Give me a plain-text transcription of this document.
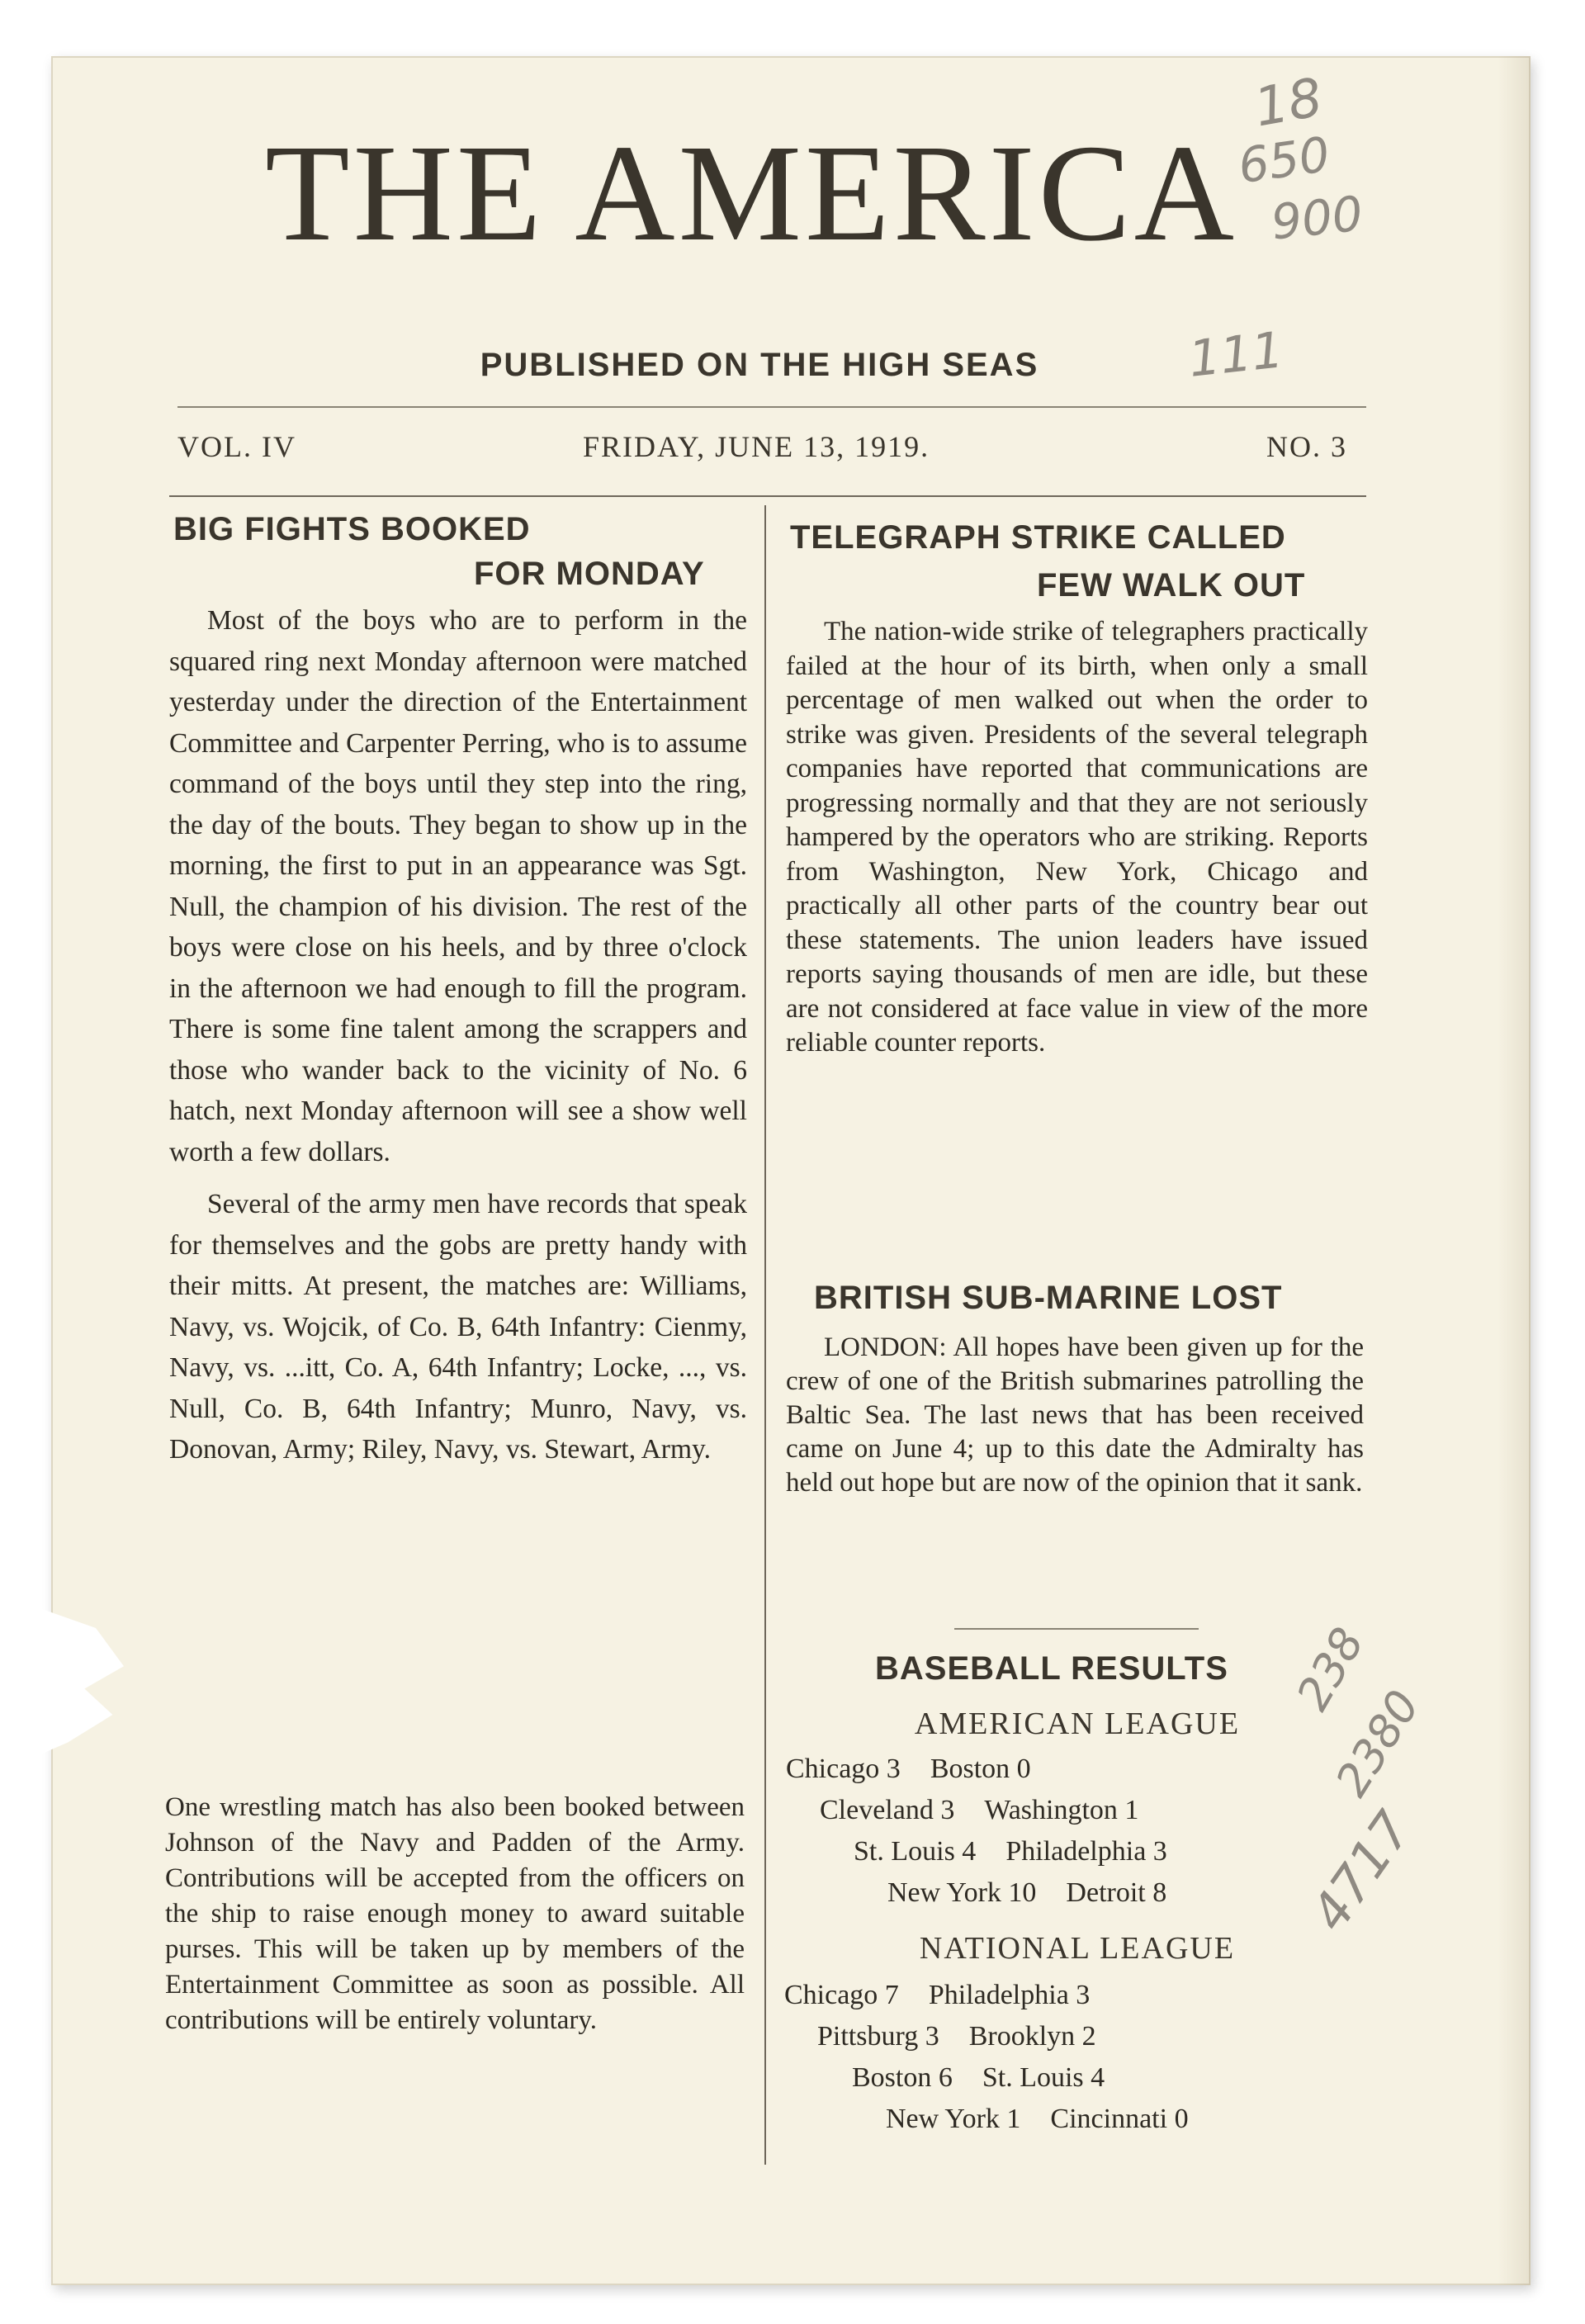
THE AMERICA
PUBLISHED ON THE HIGH SEAS
VOL. IV	FRIDAY, JUNE 13, 1919.	NO. 3
BIG FIGHTS BOOKED
FOR MONDAY

Most of the boys who are to perform in the squared ring next Monday afternoon were matched yesterday under the direction of the Entertainment Committee and Carpenter Perring, who is to assume command of the boys until they step into the ring, the day of the bouts. They began to show up in the morning, the first to put in an appearance was Sgt. Null, the champion of his division. The rest of the boys were close on his heels, and by three o'clock in the afternoon we had enough to fill the program. There is some fine talent among the scrappers and those who wander back to the vicinity of No. 6 hatch, next Monday afternoon will see a show well worth a few dollars.

Several of the army men have records that speak for themselves and the gobs are pretty handy with their mitts. At present, the matches are: Williams, Navy, vs. Wojcik, of Co. B, 64th Infantry: Cienmy, Navy, vs. ...itt, Co. A, 64th Infantry; Locke, ..., vs. Null, Co. B, 64th Infantry; Munro, Navy, vs. Donovan, Army; Riley, Navy, vs. Stewart, Army.

One wrestling match has also been booked between Johnson of the Navy and Padden of the Army. Contributions will be accepted from the officers on the ship to raise enough money to award suitable purses. This will be taken up by members of the Entertainment Committee as soon as possible. All contributions will be entirely voluntary.

TELEGRAPH STRIKE CALLED
FEW WALK OUT

The nation-wide strike of telegraphers practically failed at the hour of its birth, when only a small percentage of men walked out when the order to strike was given. Presidents of the several telegraph companies have reported that communications are progressing normally and that they are not seriously hampered by the operators who are striking. Reports from Washington, New York, Chicago and practically all other parts of the country bear out these statements. The union leaders have issued reports saying thousands of men are idle, but these are not considered at face value in view of the more reliable counter reports.

BRITISH SUB-MARINE LOST

LONDON: All hopes have been given up for the crew of one of the British submarines patrolling the Baltic Sea. The last news that has been received came on June 4; up to this date the Admiralty has held out hope but are now of the opinion that it sank.

BASEBALL RESULTS
AMERICAN LEAGUE
Chicago 3 Boston 0
Cleveland 3 Washington 1
St. Louis 4 Philadelphia 3
New York 10 Detroit 8
NATIONAL LEAGUE
Chicago 7 Philadelphia 3
Pittsburg 3 Brooklyn 2
Boston 6 St. Louis 4
New York 1 Cincinnati 0
18
650
900
111
238
2380
4717
